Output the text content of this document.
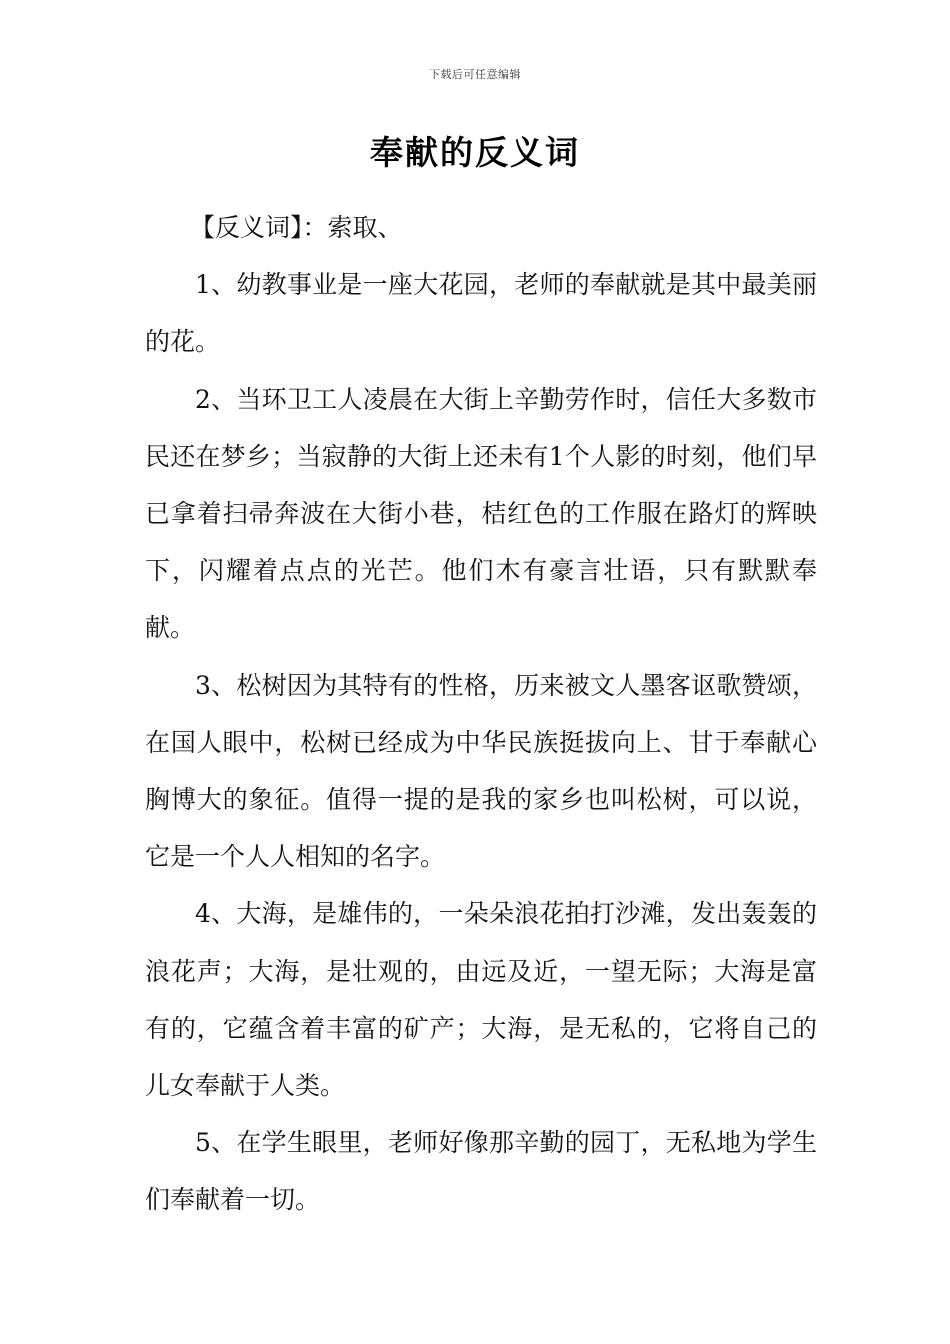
下载后可任意编辑
奉献的反义词

【反义词】：索取、

1、幼教事业是一座大花园，老师的奉献就是其中最美丽的花。

2、当环卫工人凌晨在大街上辛勤劳作时，信任大多数市民还在梦乡；当寂静的大街上还未有1个人影的时刻，他们早已拿着扫帚奔波在大街小巷，桔红色的工作服在路灯的辉映下，闪耀着点点的光芒。他们木有豪言壮语，只有默默奉献。

3、松树因为其特有的性格，历来被文人墨客讴歌赞颂，在国人眼中，松树已经成为中华民族挺拔向上、甘于奉献心胸博大的象征。值得一提的是我的家乡也叫松树，可以说，它是一个人人相知的名字。

4、大海，是雄伟的，一朵朵浪花拍打沙滩，发出轰轰的浪花声；大海，是壮观的，由远及近，一望无际；大海是富有的，它蕴含着丰富的矿产；大海，是无私的，它将自己的儿女奉献于人类。

5、在学生眼里，老师好像那辛勤的园丁，无私地为学生们奉献着一切。
